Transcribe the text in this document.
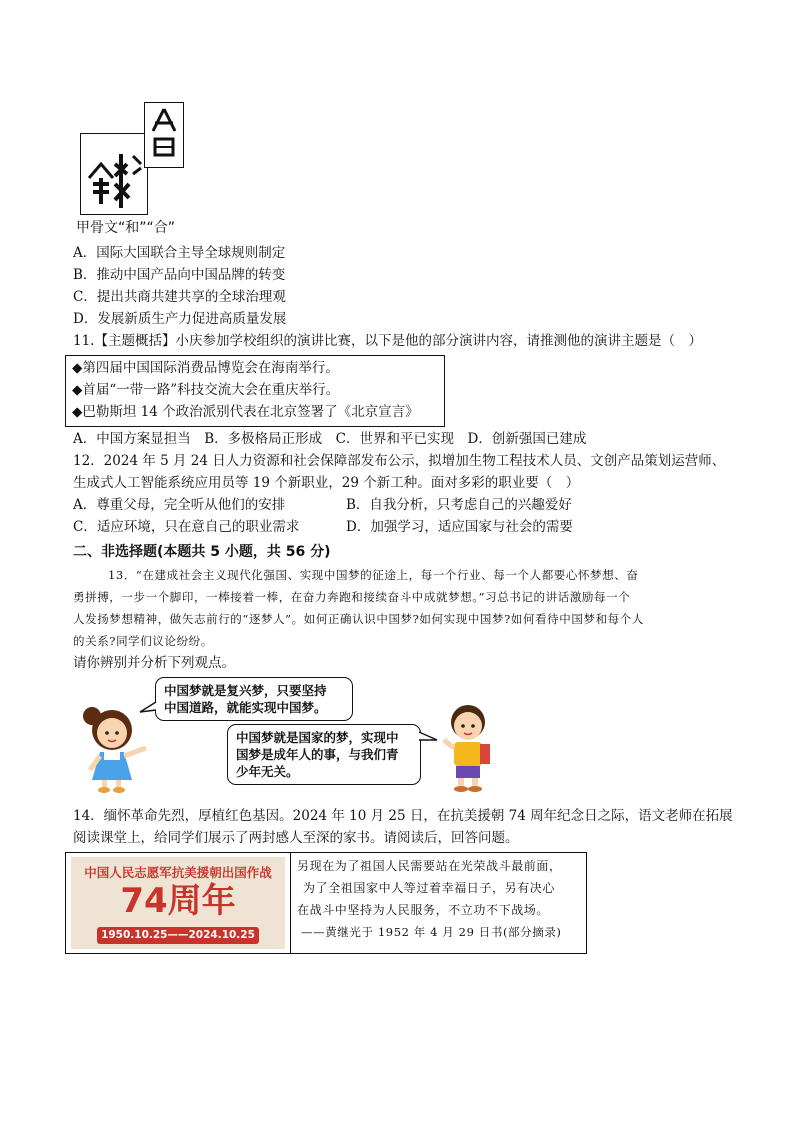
甲骨文“和”“合”
A．国际大国联合主导全球规则制定
B．推动中国产品向中国品牌的转变
C．提出共商共建共享的全球治理观
D．发展新质生产力促进高质量发展
11.【主题概括】小庆参加学校组织的演讲比赛，以下是他的部分演讲内容，请推测他的演讲主题是（　）
◆第四届中国国际消费品博览会在海南举行。
◆首届“一带一路”科技交流大会在重庆举行。
◆巴勒斯坦 14 个政治派别代表在北京签署了《北京宣言》
A．中国方案显担当　B．多极格局正形成　C．世界和平已实现　D．创新强国已建成
12．2024 年 5 月 24 日人力资源和社会保障部发布公示，拟增加生物工程技术人员、文创产品策划运营师、
生成式人工智能系统应用员等 19 个新职业，29 个新工种。面对多彩的职业要（　）
A．尊重父母，完全听从他们的安排	B．自我分析，只考虑自己的兴趣爱好
C．适应环境，只在意自己的职业需求	D．加强学习，适应国家与社会的需要
二、非选择题(本题共 5 小题，共 56 分)
13．“在建成社会主义现代化强国、实现中国梦的征途上，每一个行业、每一个人都要心怀梦想、奋
勇拼搏，一步一个脚印，一棒接着一棒，在奋力奔跑和接续奋斗中成就梦想。”习总书记的讲话激励每一个
人发扬梦想精神，做矢志前行的“逐梦人”。如何正确认识中国梦?如何实现中国梦?如何看待中国梦和每个人
的关系?同学们议论纷纷。
请你辨别并分析下列观点。
中国梦就是复兴梦，只要坚持
中国道路，就能实现中国梦。
中国梦就是国家的梦，实现中
国梦是成年人的事，与我们青
少年无关。
14．缅怀革命先烈，厚植红色基因。2024 年 10 月 25 日，在抗美援朝 74 周年纪念日之际，语文老师在拓展
阅读课堂上，给同学们展示了两封感人至深的家书。请阅读后，回答问题。
中国人民志愿军抗美援朝出国作战
74周年
1950.10.25——2024.10.25
另现在为了祖国人民需要站在光荣战斗最前面，
为了全祖国家中人等过着幸福日子，另有决心
在战斗中坚持为人民服务，不立功不下战场。
——黄继光于 1952 年 4 月 29 日书(部分摘录)
